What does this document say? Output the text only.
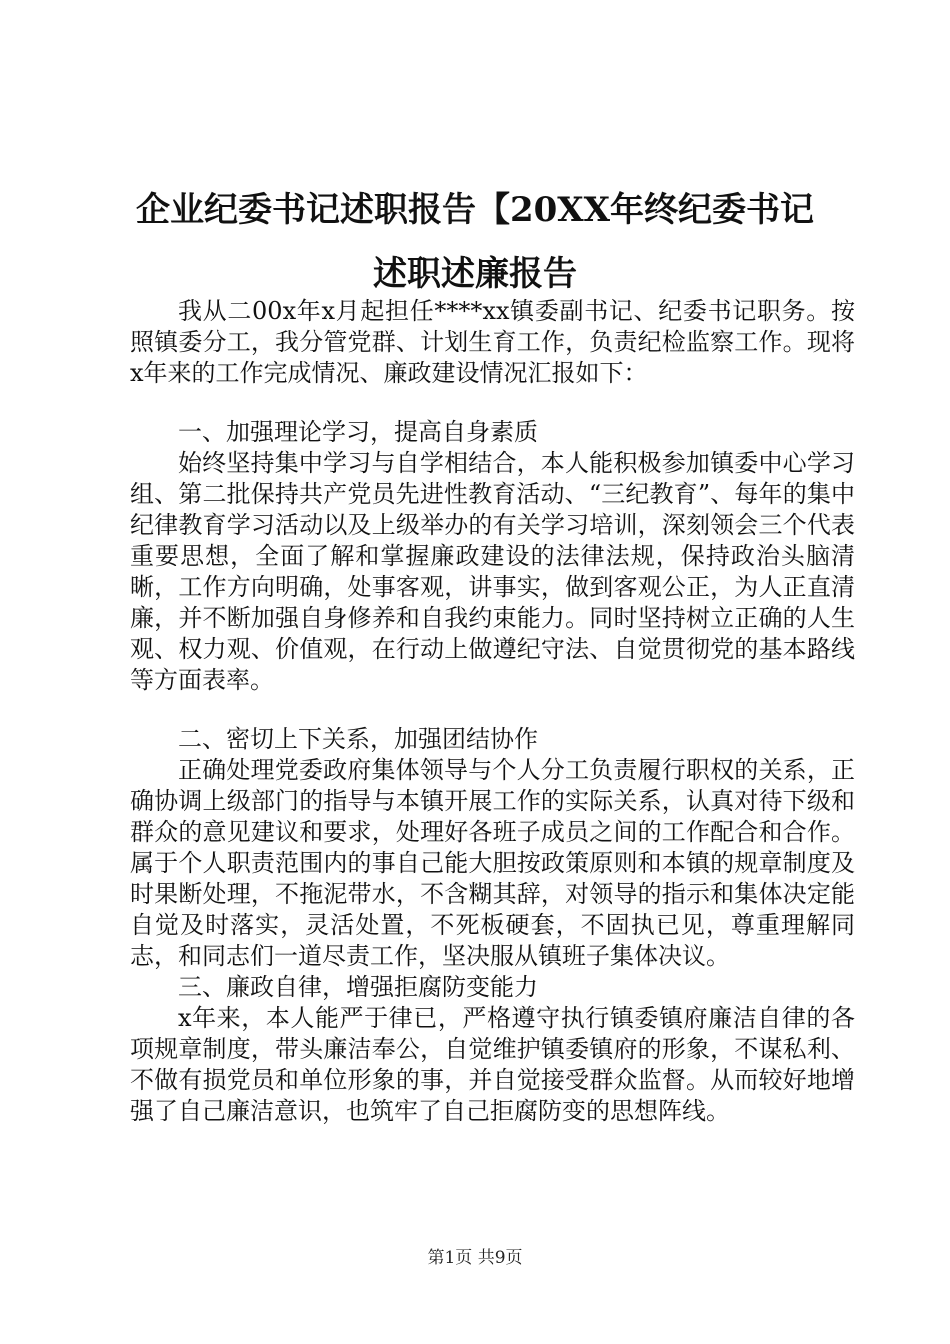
企业纪委书记述职报告【20XX年终纪委书记
述职述廉报告

我从二00x年x月起担任****xx镇委副书记、纪委书记职务。按照镇委分工，我分管党群、计划生育工作，负责纪检监察工作。现将x年来的工作完成情况、廉政建设情况汇报如下：

一、加强理论学习，提高自身素质

始终坚持集中学习与自学相结合，本人能积极参加镇委中心学习组、第二批保持共产党员先进性教育活动、“三纪教育”、每年的集中纪律教育学习活动以及上级举办的有关学习培训，深刻领会三个代表重要思想，全面了解和掌握廉政建设的法律法规，保持政治头脑清晰，工作方向明确，处事客观，讲事实，做到客观公正，为人正直清廉，并不断加强自身修养和自我约束能力。同时坚持树立正确的人生观、权力观、价值观，在行动上做遵纪守法、自觉贯彻党的基本路线等方面表率。

二、密切上下关系，加强团结协作

正确处理党委政府集体领导与个人分工负责履行职权的关系，正确协调上级部门的指导与本镇开展工作的实际关系，认真对待下级和群众的意见建议和要求，处理好各班子成员之间的工作配合和合作。属于个人职责范围内的事自己能大胆按政策原则和本镇的规章制度及时果断处理，不拖泥带水，不含糊其辞，对领导的指示和集体决定能自觉及时落实，灵活处置，不死板硬套，不固执已见，尊重理解同志，和同志们一道尽责工作，坚决服从镇班子集体决议。

三、廉政自律，增强拒腐防变能力

x年来，本人能严于律已，严格遵守执行镇委镇府廉洁自律的各项规章制度，带头廉洁奉公，自觉维护镇委镇府的形象，不谋私利、不做有损党员和单位形象的事，并自觉接受群众监督。从而较好地增强了自己廉洁意识，也筑牢了自己拒腐防变的思想阵线。

第1页 共9页
